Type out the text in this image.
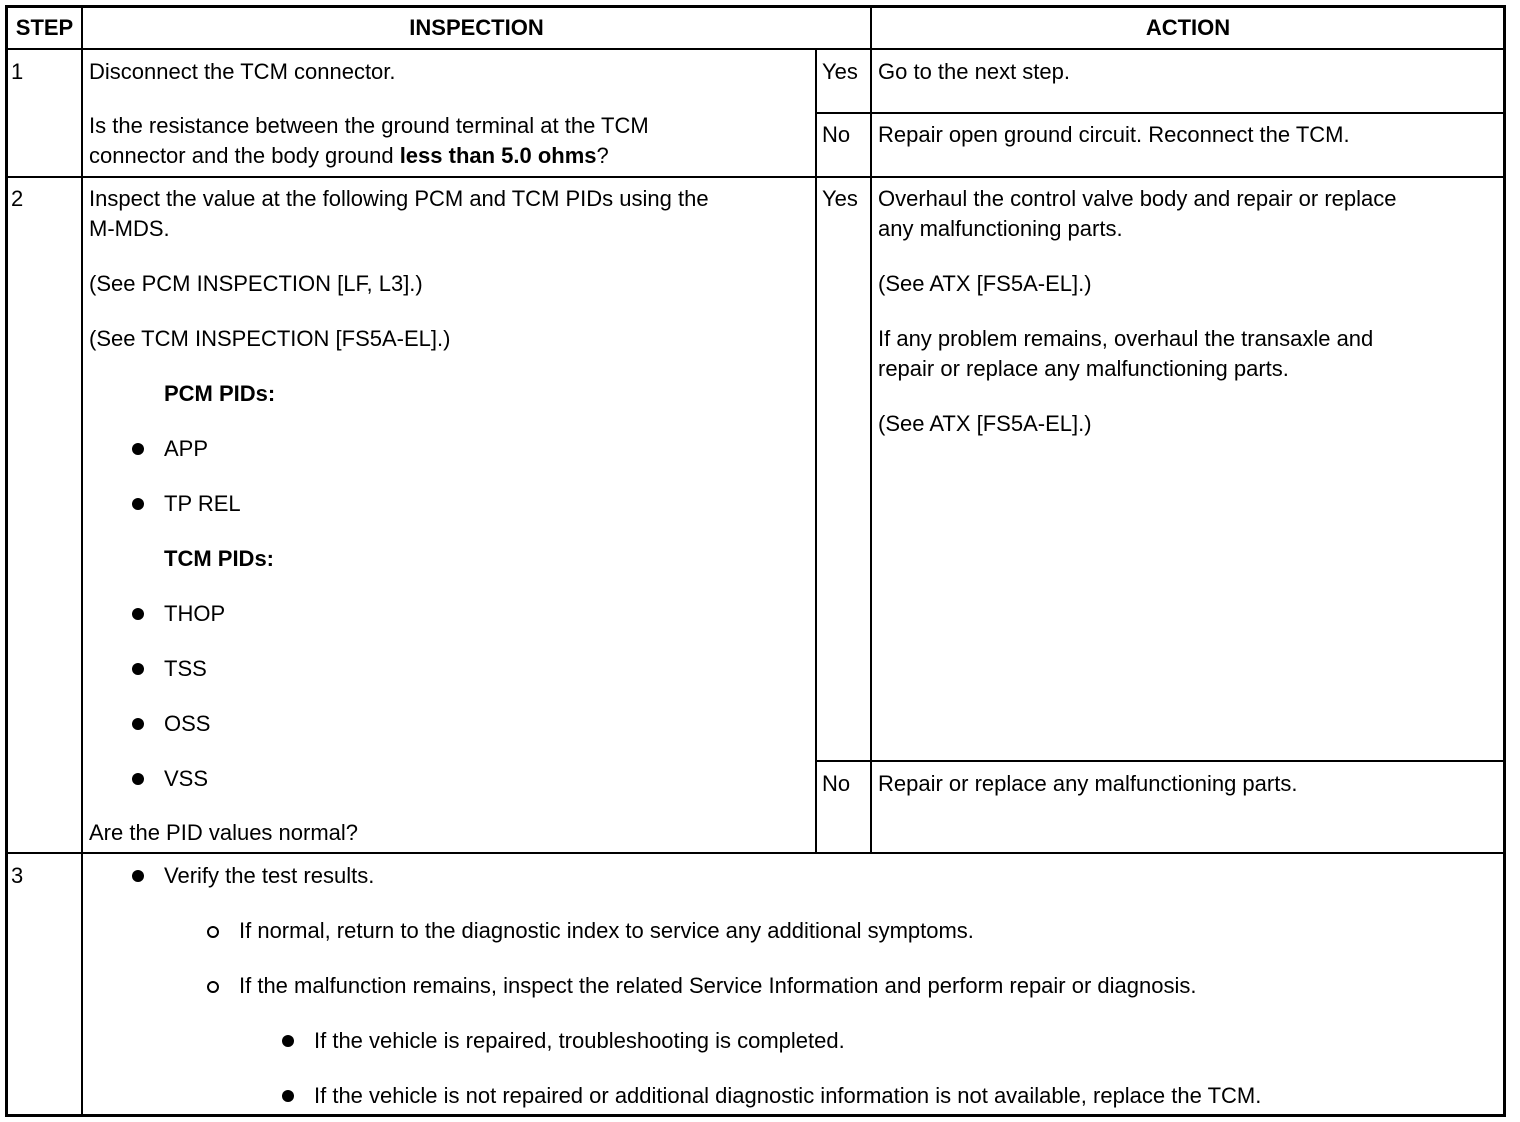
STEP	INSPECTION	ACTION
1	Disconnect the TCM connector.
Is the resistance between the ground terminal at the TCM
connector and the body ground less than 5.0 ohms?
Yes Go to the next step.
No Repair open ground circuit. Reconnect the TCM.
2	Inspect the value at the following PCM and TCM PIDs using the
M-MDS.
(See PCM INSPECTION [LF, L3].)
(See TCM INSPECTION [FS5A-EL].)
PCM PIDs:
APP
TP REL
TCM PIDs:
THOP
TSS
OSS
VSS
Are the PID values normal?
Yes Overhaul the control valve body and repair or replace
any malfunctioning parts.
(See ATX [FS5A-EL].)
If any problem remains, overhaul the transaxle and
repair or replace any malfunctioning parts.
(See ATX [FS5A-EL].)
No Repair or replace any malfunctioning parts.
3	Verify the test results.
If normal, return to the diagnostic index to service any additional symptoms.
If the malfunction remains, inspect the related Service Information and perform repair or diagnosis.
If the vehicle is repaired, troubleshooting is completed.
If the vehicle is not repaired or additional diagnostic information is not available, replace the TCM.
